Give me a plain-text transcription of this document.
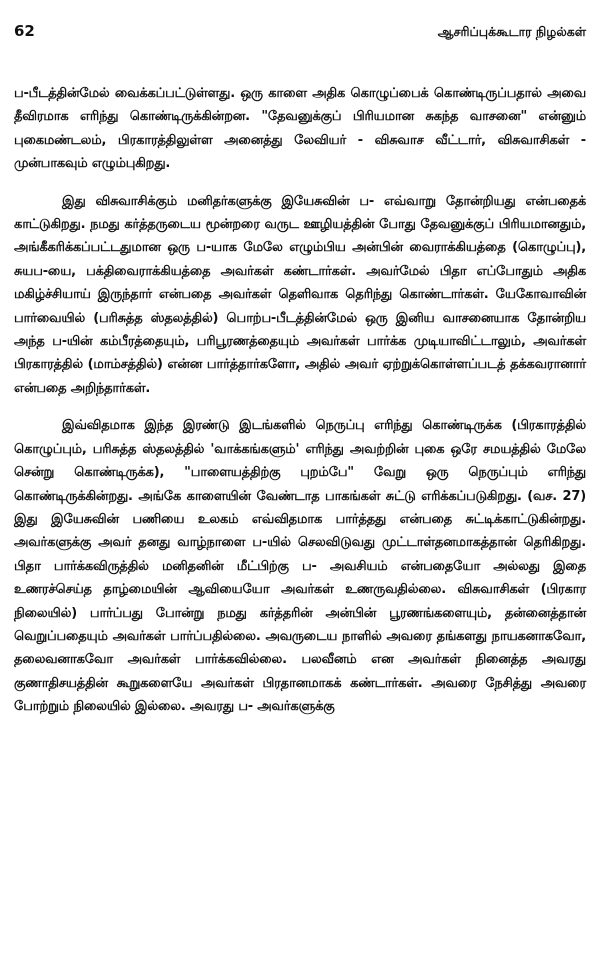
62	ஆசரிப்புக்கூடார நிழல்கள்

ப-பீடத்தின்மேல் வைக்கப்பட்டுள்ளது. ஒரு காளை அதிக கொழுப்பைக் கொண்டிருப்பதால் அவை தீவிரமாக எரிந்து கொண்டிருக்கின்றன. "தேவனுக்குப் பிரியமான சுகந்த வாசனை" என்னும் புகைமண்டலம், பிரகாரத்திலுள்ள அனைத்து லேவியர் - விசுவாச வீட்டார், விசுவாசிகள் - முன்பாகவும் எழும்புகிறது.

இது விசுவாசிக்கும் மனிதர்களுக்கு இயேசுவின் ப- எவ்வாறு தோன்றியது என்பதைக் காட்டுகிறது. நமது கர்த்தருடைய மூன்றரை வருட ஊழியத்தின் போது தேவனுக்குப் பிரியமானதும், அங்கீகரிக்கப்பட்டதுமான ஒரு ப-யாக மேலே எழும்பிய அன்பின் வைராக்கியத்தை (கொழுப்பு), சுயப-யை, பக்திவைராக்கியத்தை அவர்கள் கண்டார்கள். அவர்மேல் பிதா எப்போதும் அதிக மகிழ்ச்சியாய் இருந்தார் என்பதை அவர்கள் தெளிவாக தெரிந்து கொண்டார்கள். யேகோவாவின் பார்வையில் (பரிசுத்த ஸ்தலத்தில்) பொற்ப-பீடத்தின்மேல் ஒரு இனிய வாசனையாக தோன்றிய அந்த ப-யின் கம்பீரத்தையும், பரிபூரணத்தையும் அவர்கள் பார்க்க முடியாவிட்டாலும், அவர்கள் பிரகாரத்தில் (மாம்சத்தில்) என்ன பார்த்தார்களோ, அதில் அவர் ஏற்றுக்கொள்ளப்படத் தக்கவரானார் என்பதை அறிந்தார்கள்.

இவ்விதமாக இந்த இரண்டு இடங்களில் நெருப்பு எரிந்து கொண்டிருக்க (பிரகாரத்தில் கொழுப்பும், பரிசுத்த ஸ்தலத்தில் 'வாக்கங்களும்' எரிந்து அவற்றின் புகை ஒரே சமயத்தில் மேலே சென்று கொண்டிருக்க), "பாளையத்திற்கு புறம்பே" வேறு ஒரு நெருப்பும் எரிந்து கொண்டிருக்கின்றது. அங்கே காளையின் வேண்டாத பாகங்கள் சுட்டு எரிக்கப்படுகிறது. (வச. 27) இது இயேசுவின் பணியை உலகம் எவ்விதமாக பார்த்தது என்பதை சுட்டிக்காட்டுகின்றது. அவர்களுக்கு அவர் தனது வாழ்நாளை ப-யில் செலவிடுவது முட்டாள்தனமாகத்தான் தெரிகிறது. பிதா பார்க்கவிருத்தில் மனிதனின் மீட்பிற்கு ப- அவசியம் என்பதையோ அல்லது இதை உணரச்செய்த தாழ்மையின் ஆவியையோ அவர்கள் உணருவதில்லை. விசுவாசிகள் (பிரகார நிலையில்) பார்ப்பது போன்று நமது கர்த்தரின் அன்பின் பூரணங்களையும், தன்னைத்தான் வெறுப்பதையும் அவர்கள் பார்ப்பதில்லை. அவருடைய நாளில் அவரை தங்களது நாயகனாகவோ, தலைவனாகவோ அவர்கள் பார்க்கவில்லை. பலவீனம் என அவர்கள் நினைத்த அவரது குணாதிசயத்தின் கூறுகளையே அவர்கள் பிரதானமாகக் கண்டார்கள். அவரை நேசித்து அவரை போற்றும் நிலையில் இல்லை. அவரது ப- அவர்களுக்கு
